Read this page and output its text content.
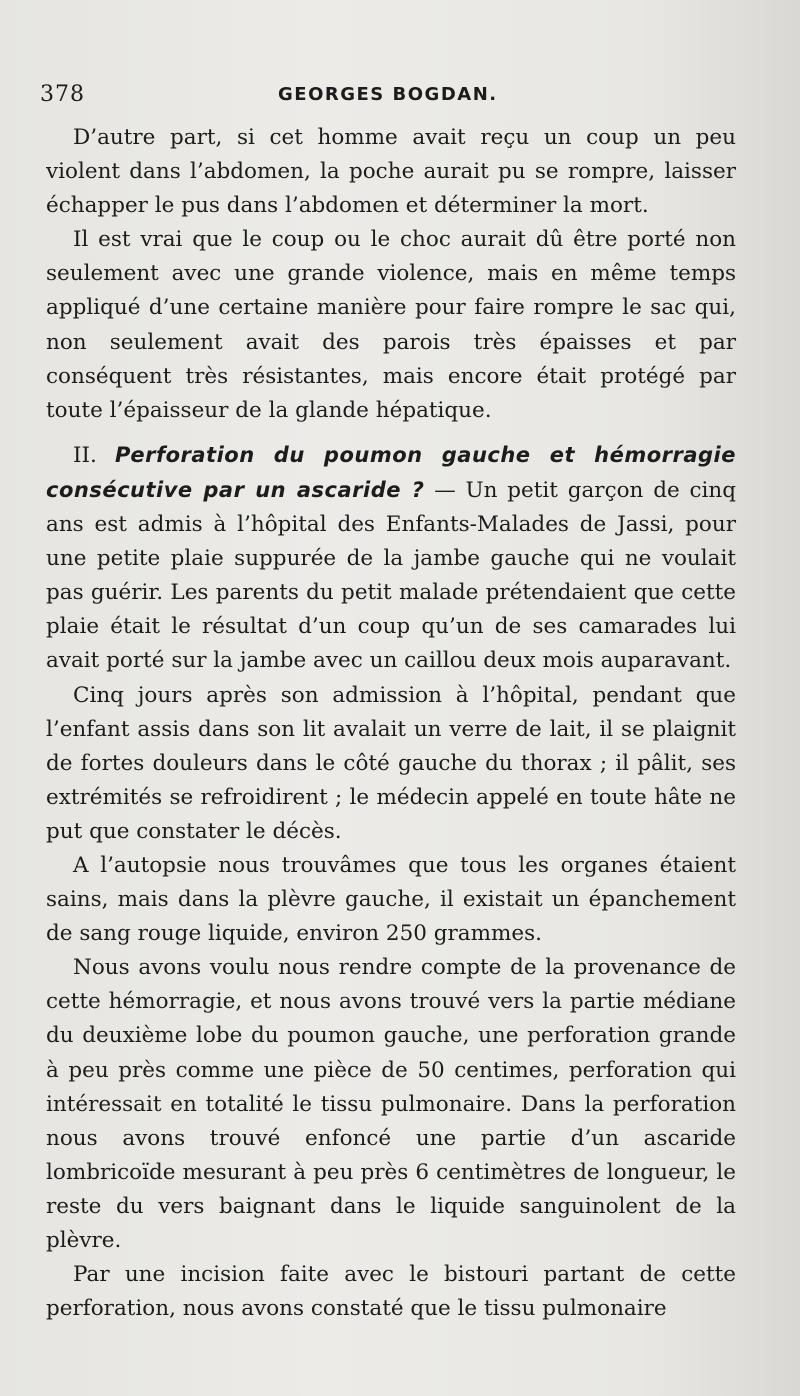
378	GEORGES BOGDAN.

D’autre part, si cet homme avait reçu un coup un peu violent dans l’abdomen, la poche aurait pu se rompre, laisser échapper le pus dans l’abdomen et déterminer la mort.

Il est vrai que le coup ou le choc aurait dû être porté non seulement avec une grande violence, mais en même temps appliqué d’une certaine manière pour faire rompre le sac qui, non seulement avait des parois très épaisses et par conséquent très résistantes, mais encore était protégé par toute l’épaisseur de la glande hépatique.

II. Perforation du poumon gauche et hémorragie consécutive par un ascaride ? — Un petit garçon de cinq ans est admis à l’hôpital des Enfants-Malades de Jassi, pour une petite plaie suppurée de la jambe gauche qui ne voulait pas guérir. Les parents du petit malade prétendaient que cette plaie était le résultat d’un coup qu’un de ses camarades lui avait porté sur la jambe avec un caillou deux mois auparavant.

Cinq jours après son admission à l’hôpital, pendant que l’enfant assis dans son lit avalait un verre de lait, il se plaignit de fortes douleurs dans le côté gauche du thorax ; il pâlit, ses extrémités se refroidirent ; le médecin appelé en toute hâte ne put que constater le décès.

A l’autopsie nous trouvâmes que tous les organes étaient sains, mais dans la plèvre gauche, il existait un épanchement de sang rouge liquide, environ 250 grammes.

Nous avons voulu nous rendre compte de la provenance de cette hémorragie, et nous avons trouvé vers la partie médiane du deuxième lobe du poumon gauche, une perforation grande à peu près comme une pièce de 50 centimes, perforation qui intéressait en totalité le tissu pulmonaire. Dans la perforation nous avons trouvé enfoncé une partie d’un ascaride lombricoïde mesurant à peu près 6 centimètres de longueur, le reste du vers baignant dans le liquide sanguinolent de la plèvre.

Par une incision faite avec le bistouri partant de cette perforation, nous avons constaté que le tissu pulmonaire
